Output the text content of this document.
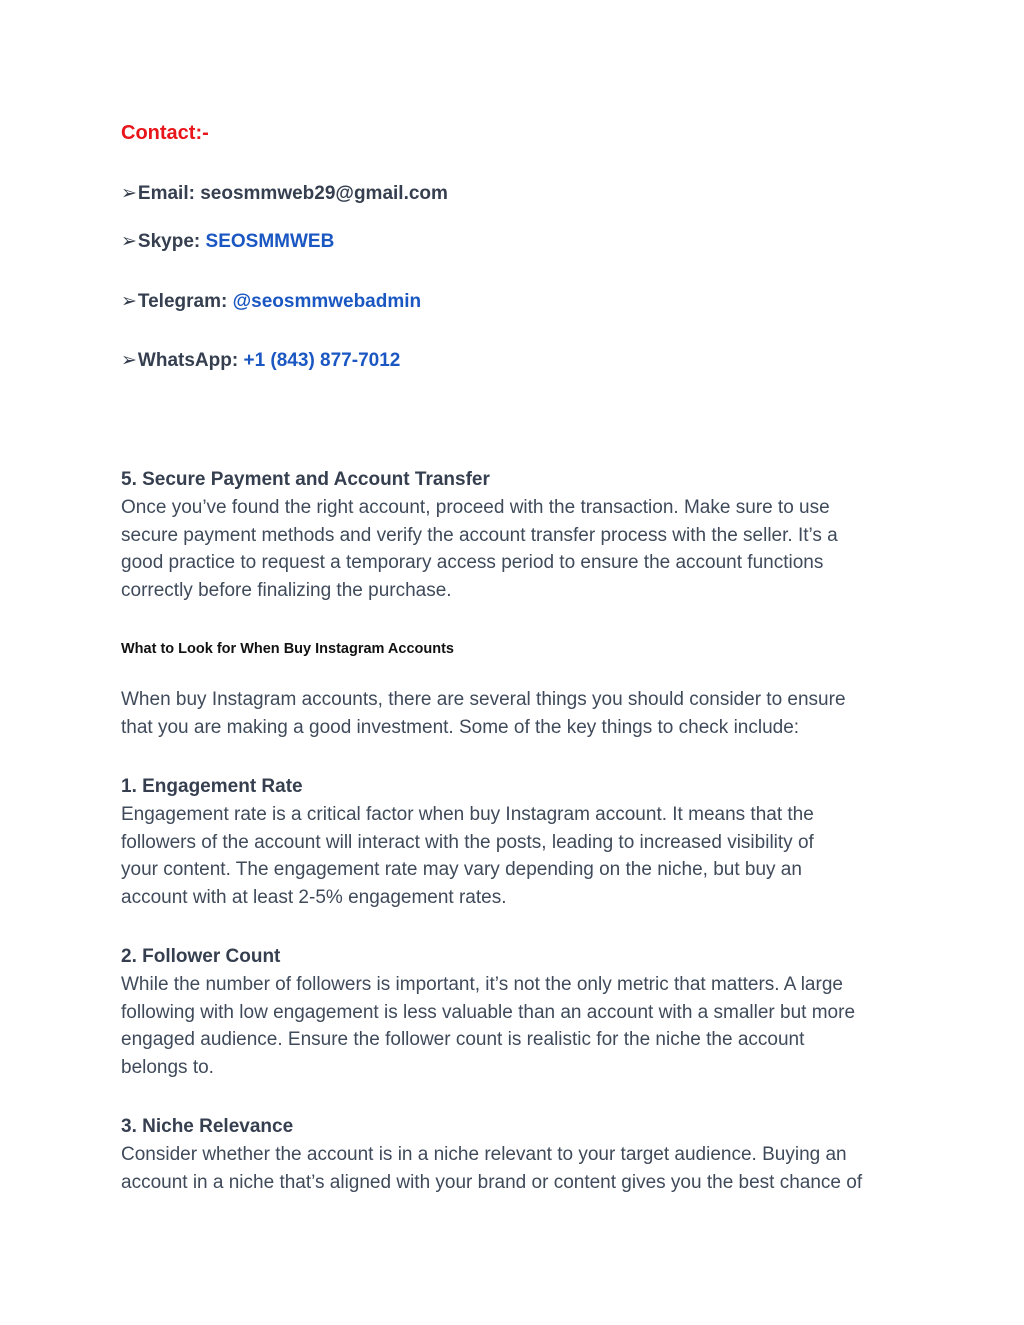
Contact:-
➢Email: seosmmweb29@gmail.com
➢Skype: SEOSMMWEB
➢Telegram: @seosmmwebadmin
➢WhatsApp: +1 (843) 877-7012
5. Secure Payment and Account Transfer
Once you’ve found the right account, proceed with the transaction. Make sure to use
secure payment methods and verify the account transfer process with the seller. It’s a
good practice to request a temporary access period to ensure the account functions
correctly before finalizing the purchase.
What to Look for When Buy Instagram Accounts
When buy Instagram accounts, there are several things you should consider to ensure
that you are making a good investment. Some of the key things to check include:
1. Engagement Rate
Engagement rate is a critical factor when buy Instagram account. It means that the
followers of the account will interact with the posts, leading to increased visibility of
your content. The engagement rate may vary depending on the niche, but buy an
account with at least 2-5% engagement rates.
2. Follower Count
While the number of followers is important, it’s not the only metric that matters. A large
following with low engagement is less valuable than an account with a smaller but more
engaged audience. Ensure the follower count is realistic for the niche the account
belongs to.
3. Niche Relevance
Consider whether the account is in a niche relevant to your target audience. Buying an
account in a niche that’s aligned with your brand or content gives you the best chance of
